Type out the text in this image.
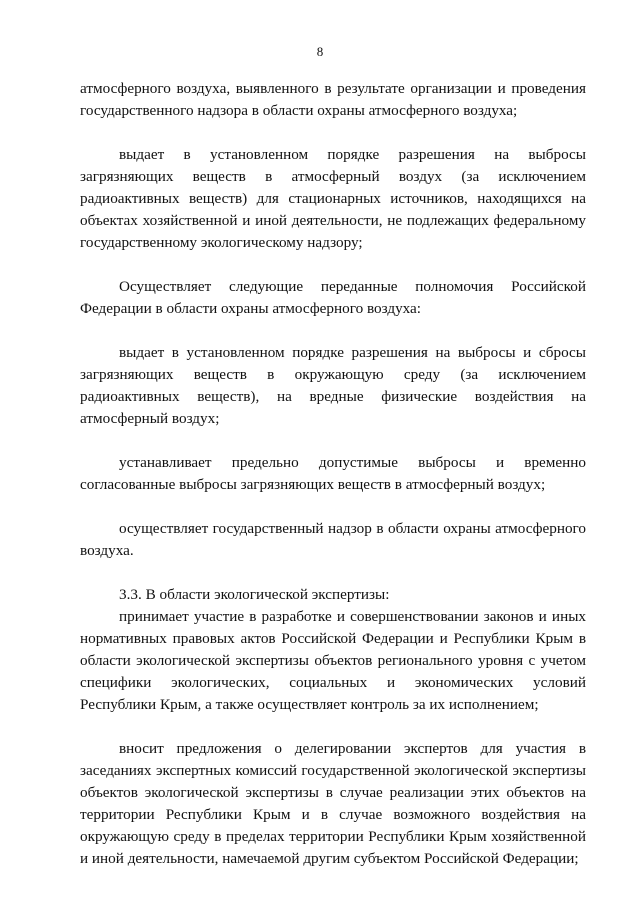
8

атмосферного воздуха, выявленного в результате организации и проведения государственного надзора в области охраны атмосферного воздуха;

выдает в установленном порядке разрешения на выбросы загрязняющих веществ в атмосферный воздух (за исключением радиоактивных веществ) для стационарных источников, находящихся на объектах хозяйственной и иной деятельности, не подлежащих федеральному государственному экологическому надзору;

Осуществляет следующие переданные полномочия Российской Федерации в области охраны атмосферного воздуха:

выдает в установленном порядке разрешения на выбросы и сбросы загрязняющих веществ в окружающую среду (за исключением радиоактивных веществ), на вредные физические воздействия на атмосферный воздух;

устанавливает предельно допустимые выбросы и временно согласованные выбросы загрязняющих веществ в атмосферный воздух;

осуществляет государственный надзор в области охраны атмосферного воздуха.

3.3. В области экологической экспертизы:

принимает участие в разработке и совершенствовании законов и иных нормативных правовых актов Российской Федерации и Республики Крым в области экологической экспертизы объектов регионального уровня с учетом специфики экологических, социальных и экономических условий Республики Крым, а также осуществляет контроль за их исполнением;

вносит предложения о делегировании экспертов для участия в заседаниях экспертных комиссий государственной экологической экспертизы объектов экологической экспертизы в случае реализации этих объектов на территории Республики Крым и в случае возможного воздействия на окружающую среду в пределах территории Республики Крым хозяйственной и иной деятельности, намечаемой другим субъектом Российской Федерации;
